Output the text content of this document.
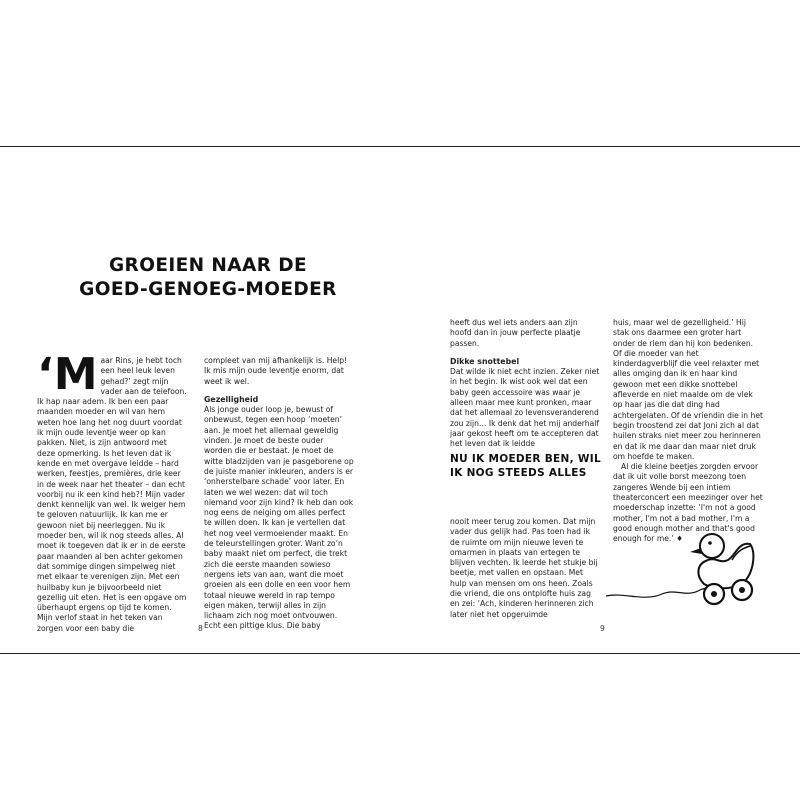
GROEIEN NAAR DE GOED-GENOEG-MOEDER
‘M aar Rins, je hebt toch een heel leuk leven gehad?’ zegt mijn vader aan de telefoon. Ik hap naar adem. Ik ben een paar maanden moeder en wil van hem weten hoe lang het nog duurt voordat ik mijn oude leventje weer op kan pakken. Niet, is zijn antwoord met deze opmerking. Is het leven dat ik kende en met overgave leidde – hard werken, feestjes, premières, drie keer in de week naar het theater – dan echt voorbij nu ik een kind heb?! Mijn vader denkt kennelijk van wel. Ik weiger hem te geloven natuurlijk. Ik kan me er gewoon niet bij neerleggen. Nu ik moeder ben, wil ik nog steeds alles. Al moet ik toegeven dat ik er in de eerste paar maanden al ben achter gekomen dat sommige dingen simpelweg niet met elkaar te verenigen zijn. Met een huilbaby kun je bijvoorbeeld niet gezellig uit eten. Het is een opgave om überhaupt ergens op tijd te komen. Mijn verlof staat in het teken van zorgen voor een baby die

compleet van mij afhankelijk is. Help! Ik mis mijn oude leventje enorm, dat weet ik wel.

Gezelligheid

Als jonge ouder loop je, bewust of onbewust, tegen een hoop ‘moeten’ aan. Je moet het allemaal geweldig vinden. Je moet de beste ouder worden die er bestaat. Je moet de witte bladzijden van je pasgeborene op de juiste manier inkleuren, anders is er ‘onherstelbare schade’ voor later. En laten we wel wezen: dat wil toch niemand voor zijn kind? Ik heb dan ook nog eens de neiging om alles perfect te willen doen. Ik kan je vertellen dat het nog veel vermoeiender maakt. En de teleurstellingen groter. Want zo’n baby maakt niet om perfect, die trekt zich die eerste maanden sowieso nergens iets van aan, want die moet groeien als een dolle en een voor hem totaal nieuwe wereld in rap tempo eigen maken, terwijl alles in zijn lichaam zich nog moet ontvouwen. Echt een pittige klus. Die baby

8

heeft dus wel iets anders aan zijn hoofd dan in jouw perfecte plaatje passen.

Dikke snottebel

Dat wilde ik niet echt inzien. Zeker niet in het begin. Ik wist ook wel dat een baby geen accessoire was waar je alleen maar mee kunt pronken, maar dat het allemaal zo levensveranderend zou zijn… Ik denk dat het mij anderhalf jaar gekost heeft om te accepteren dat het leven dat ik leidde

NU IK MOEDER BEN, WIL IK NOG STEEDS ALLES

nooit meer terug zou komen. Dat mijn vader dus gelijk had. Pas toen had ik de ruimte om mijn nieuwe leven te omarmen in plaats van ertegen te blijven vechten. Ik leerde het stukje bij beetje, met vallen en opstaan. Met hulp van mensen om ons heen. Zoals die vriend, die ons ontplofte huis zag en zei: ‘Ach, kinderen herinneren zich later niet het opgeruimde

huis, maar wel de gezelligheid.’ Hij stak ons daarmee een groter hart onder de riem dan hij kon bedenken. Of die moeder van het kinderdagverblijf die veel relaxter met alles omging dan ik en haar kind gewoon met een dikke snottebel afleverde en niet maalde om de vlek op haar jas die dat ding had achtergelaten. Of de vriendin die in het begin troostend zei dat Joni zich al dat huilen straks niet meer zou herinneren en dat ik me daar dan maar niet druk om hoefde te maken.

Al die kleine beetjes zorgden ervoor dat ik uit volle borst meezong toen zangeres Wende bij een intiem theaterconcert een meezinger over het moederschap inzette: ‘I'm not a good mother, I'm not a bad mother, I'm a good enough mother and that's good enough for me.’ ♦

9
